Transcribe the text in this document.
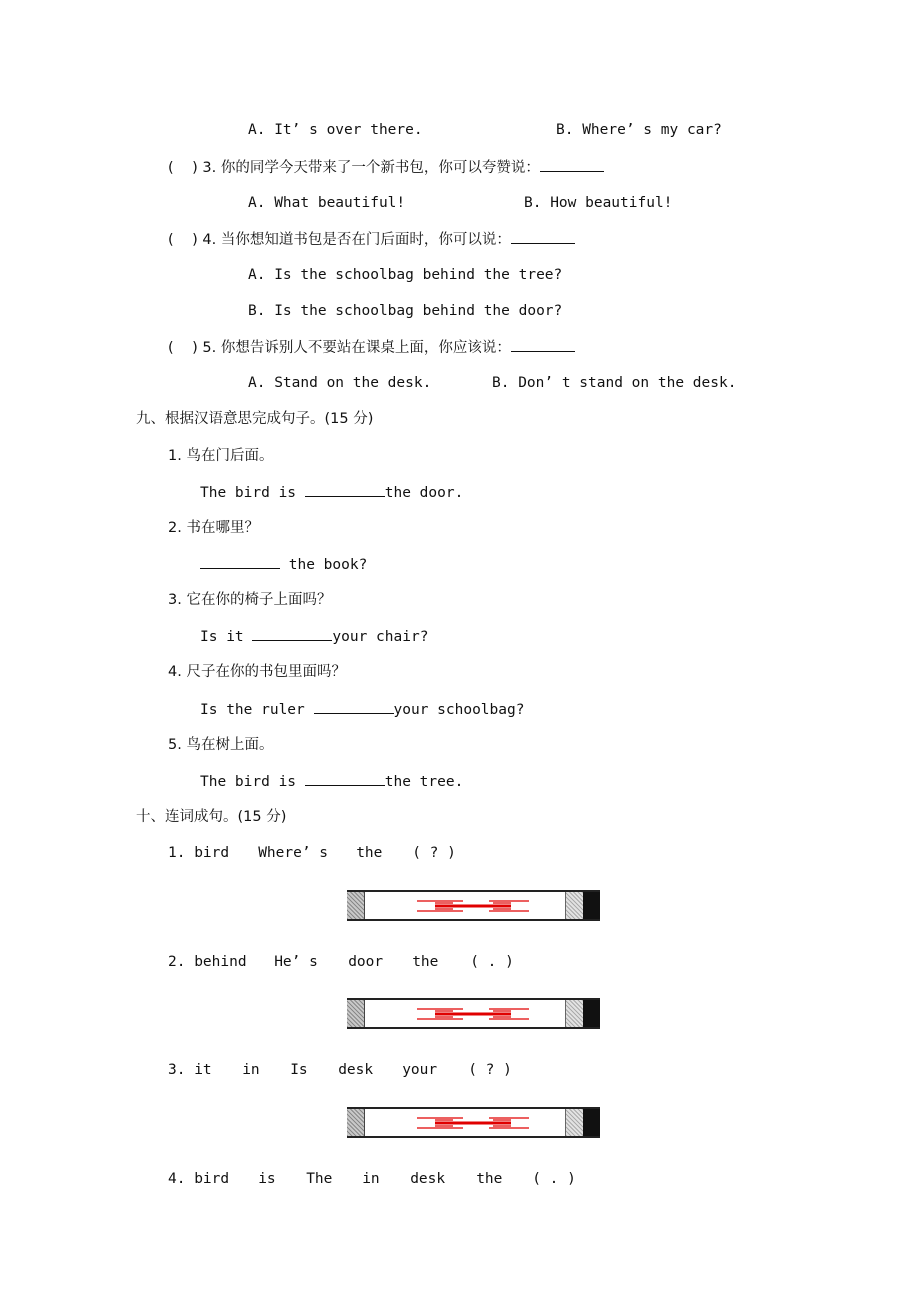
A. It’ s over there.	B. Where’ s my car?
(    ) 3. 你的同学今天带来了一个新书包，你可以夸赞说：
A. What beautiful!	B. How beautiful!
(    ) 4. 当你想知道书包是否在门后面时，你可以说：
A. Is the schoolbag behind the tree?
B. Is the schoolbag behind the door?
(    ) 5. 你想告诉别人不要站在课桌上面，你应该说：
A. Stand on the desk.	B. Don’ t stand on the desk.
九、根据汉语意思完成句子。(15 分)
1. 鸟在门后面。
The bird is	the door.
2. 书在哪里？
the book?
3. 它在你的椅子上面吗？
Is it	your chair?
4. 尺子在你的书包里面吗？
Is the ruler	your schoolbag?
5. 鸟在树上面。
The bird is	the tree.
十、连词成句。(15 分)
1. bird Where’ s the ( ? )
2. behind He’ s door the ( . )
3. it in Is desk your ( ? )
4. bird is The in desk the ( . )
